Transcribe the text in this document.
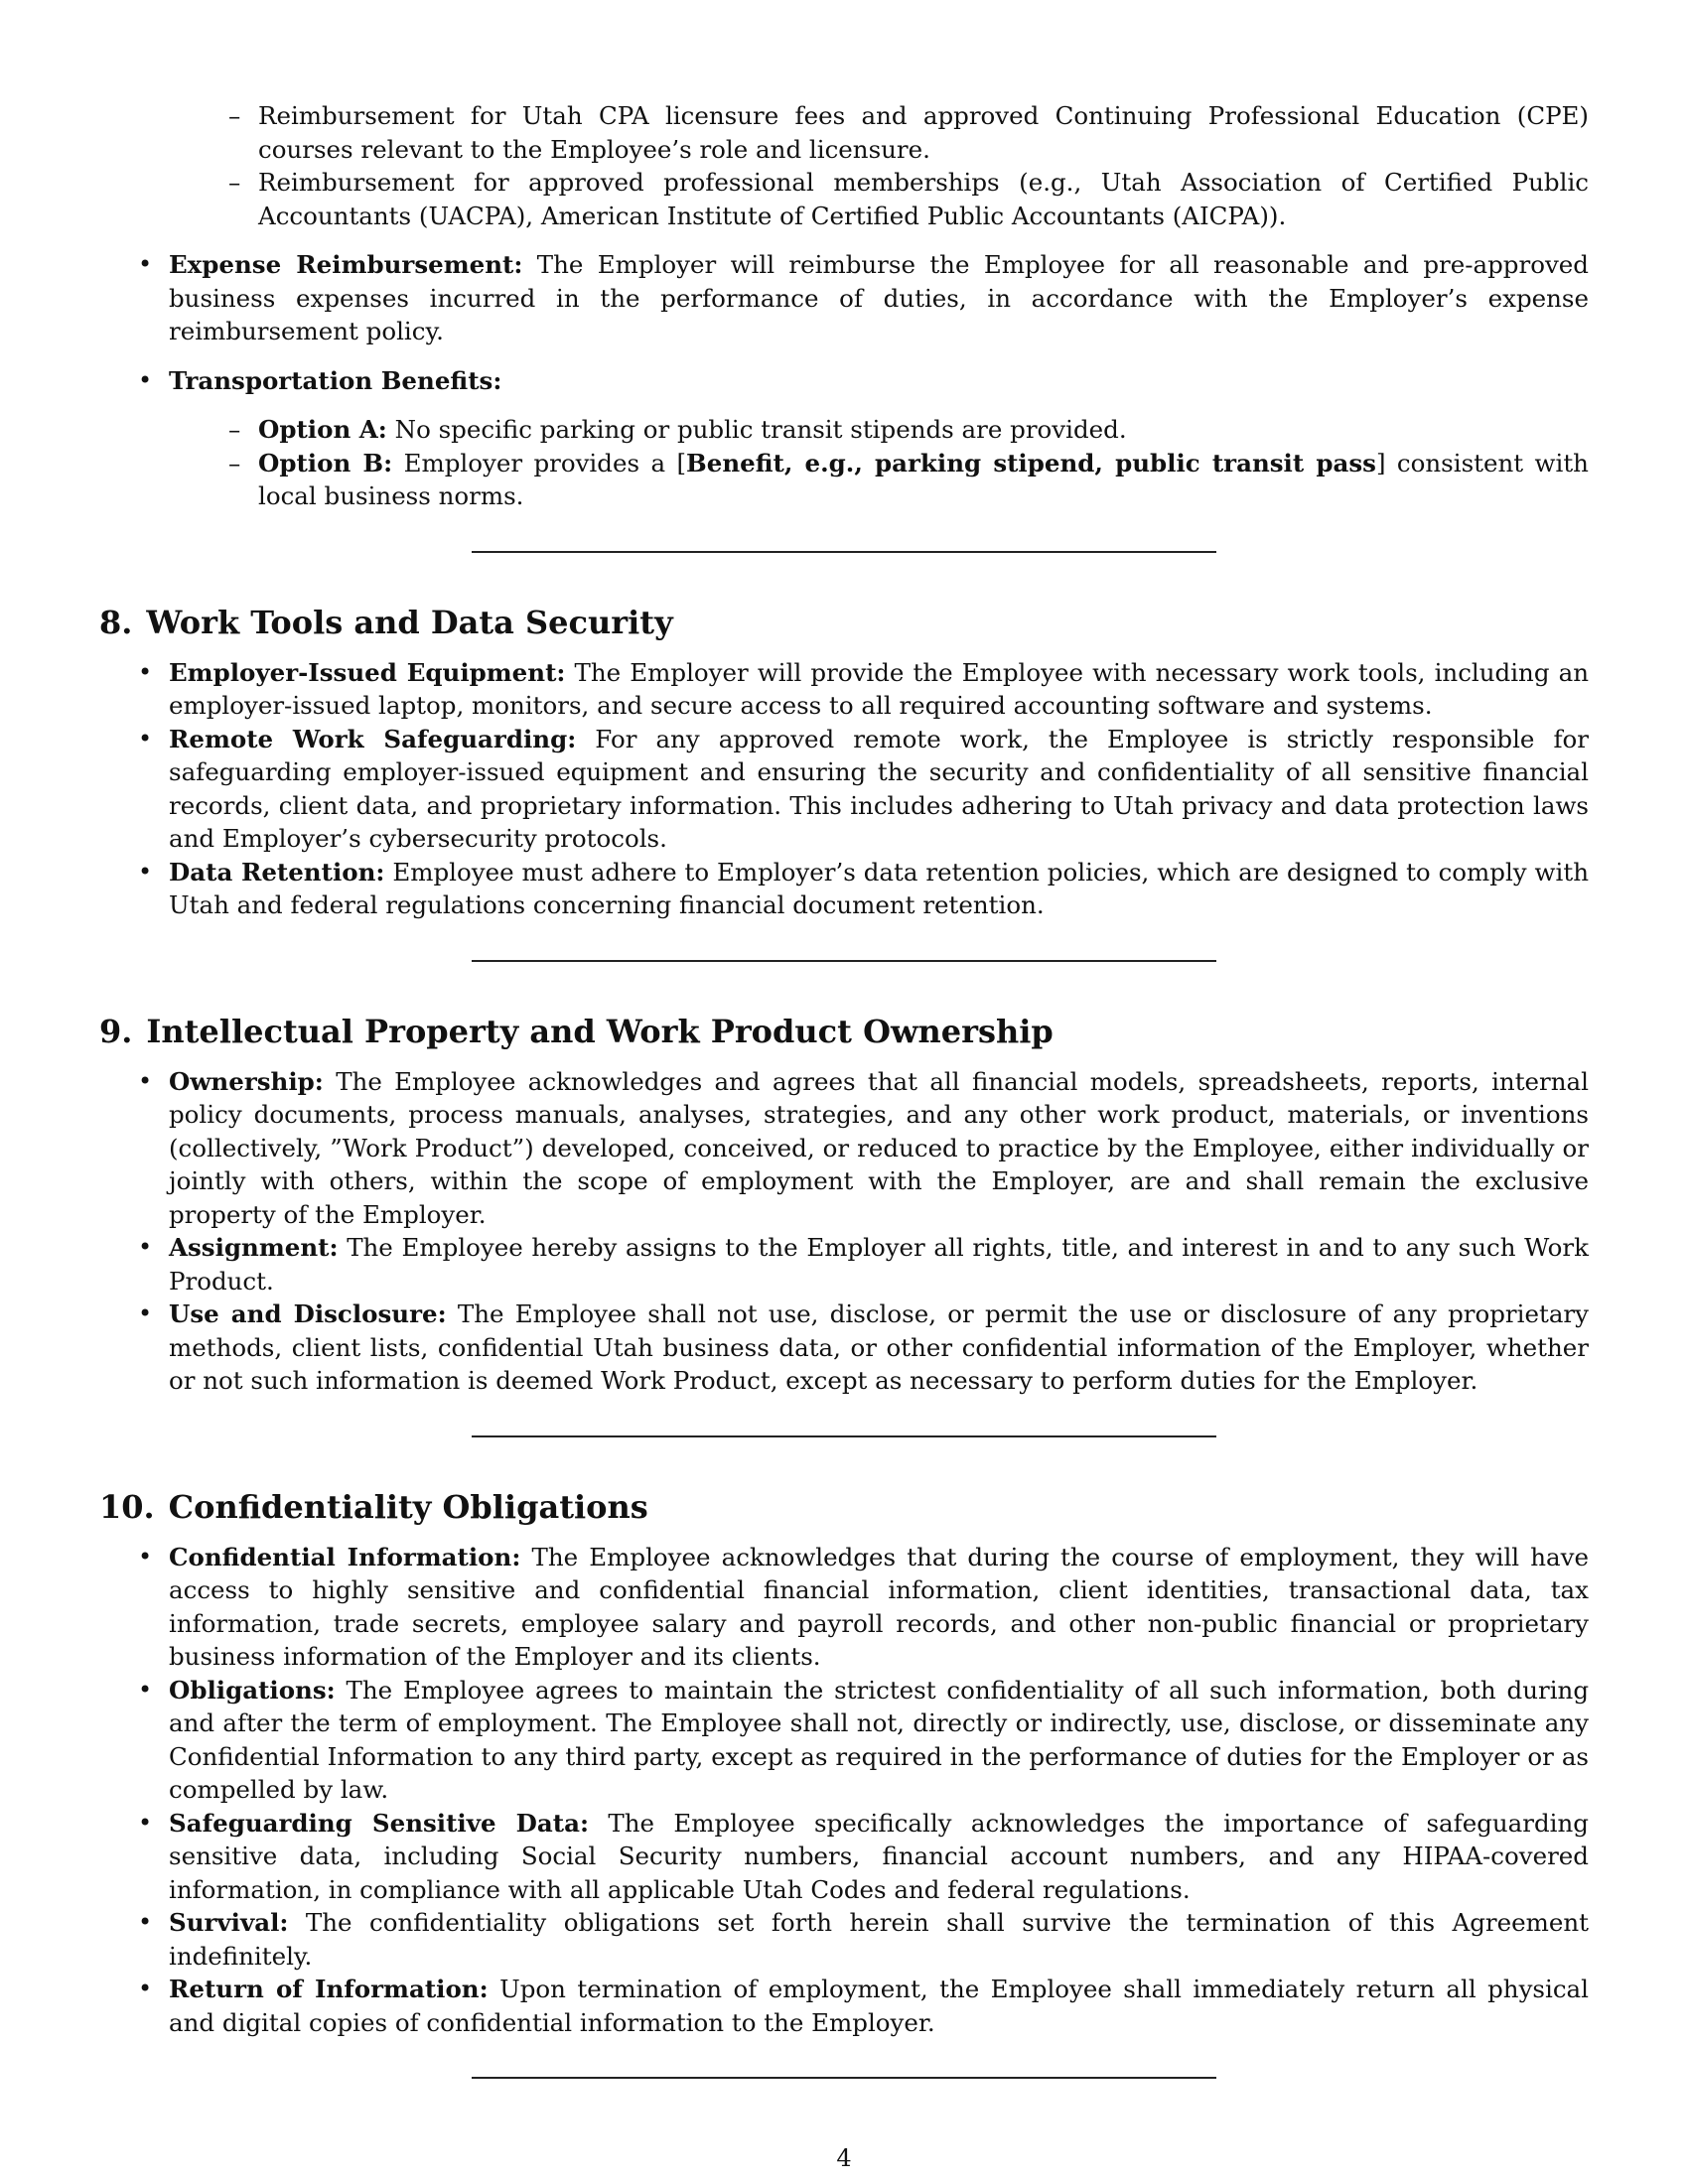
– Reimbursement for Utah CPA licensure fees and approved Continuing Professional Education (CPE) courses relevant to the Employee’s role and licensure.
– Reimbursement for approved professional memberships (e.g., Utah Association of Certified Public Accountants (UACPA), American Institute of Certified Public Accountants (AICPA)).
• Expense Reimbursement: The Employer will reimburse the Employee for all reasonable and pre-approved business expenses incurred in the performance of duties, in accordance with the Employer’s expense reimbursement policy.
• Transportation Benefits:
– Option A: No specific parking or public transit stipends are provided.
– Option B: Employer provides a [Benefit, e.g., parking stipend, public transit pass] consistent with local business norms.
8. Work Tools and Data Security
• Employer-Issued Equipment: The Employer will provide the Employee with necessary work tools, including an employer-issued laptop, monitors, and secure access to all required accounting software and systems.
• Remote Work Safeguarding: For any approved remote work, the Employee is strictly responsible for safeguarding employer-issued equipment and ensuring the security and confidentiality of all sensitive financial records, client data, and proprietary information. This includes adhering to Utah privacy and data protection laws and Employer’s cybersecurity protocols.
• Data Retention: Employee must adhere to Employer’s data retention policies, which are designed to comply with Utah and federal regulations concerning financial document retention.
9. Intellectual Property and Work Product Ownership
• Ownership: The Employee acknowledges and agrees that all financial models, spreadsheets, reports, internal policy documents, process manuals, analyses, strategies, and any other work product, materials, or inventions (collectively, ”Work Product”) developed, conceived, or reduced to practice by the Employee, either individually or jointly with others, within the scope of employment with the Employer, are and shall remain the exclusive property of the Employer.
• Assignment: The Employee hereby assigns to the Employer all rights, title, and interest in and to any such Work Product.
• Use and Disclosure: The Employee shall not use, disclose, or permit the use or disclosure of any proprietary methods, client lists, confidential Utah business data, or other confidential information of the Employer, whether or not such information is deemed Work Product, except as necessary to perform duties for the Employer.
10. Confidentiality Obligations
• Confidential Information: The Employee acknowledges that during the course of employment, they will have access to highly sensitive and confidential financial information, client identities, transactional data, tax information, trade secrets, employee salary and payroll records, and other non-public financial or proprietary business information of the Employer and its clients.
• Obligations: The Employee agrees to maintain the strictest confidentiality of all such information, both during and after the term of employment. The Employee shall not, directly or indirectly, use, disclose, or disseminate any Confidential Information to any third party, except as required in the performance of duties for the Employer or as compelled by law.
• Safeguarding Sensitive Data: The Employee specifically acknowledges the importance of safeguarding sensitive data, including Social Security numbers, financial account numbers, and any HIPAA-covered information, in compliance with all applicable Utah Codes and federal regulations.
• Survival: The confidentiality obligations set forth herein shall survive the termination of this Agreement indefinitely.
• Return of Information: Upon termination of employment, the Employee shall immediately return all physical and digital copies of confidential information to the Employer.
4
